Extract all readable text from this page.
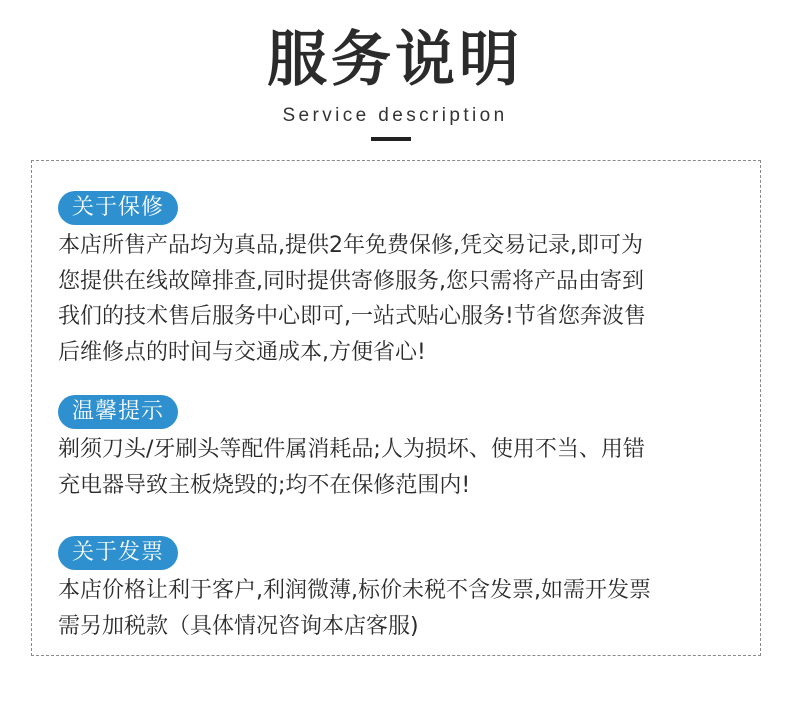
服务说明
Service description
关于保修
本店所售产品均为真品,提供2年免费保修,凭交易记录,即可为
您提供在线故障排查,同时提供寄修服务,您只需将产品由寄到
我们的技术售后服务中心即可,一站式贴心服务!节省您奔波售
后维修点的时间与交通成本,方便省心!
温馨提示
剃须刀头/牙刷头等配件属消耗品;人为损坏、使用不当、用错
充电器导致主板烧毁的;均不在保修范围内!
关于发票
本店价格让利于客户,利润微薄,标价未税不含发票,如需开发票
需另加税款（具体情况咨询本店客服)
